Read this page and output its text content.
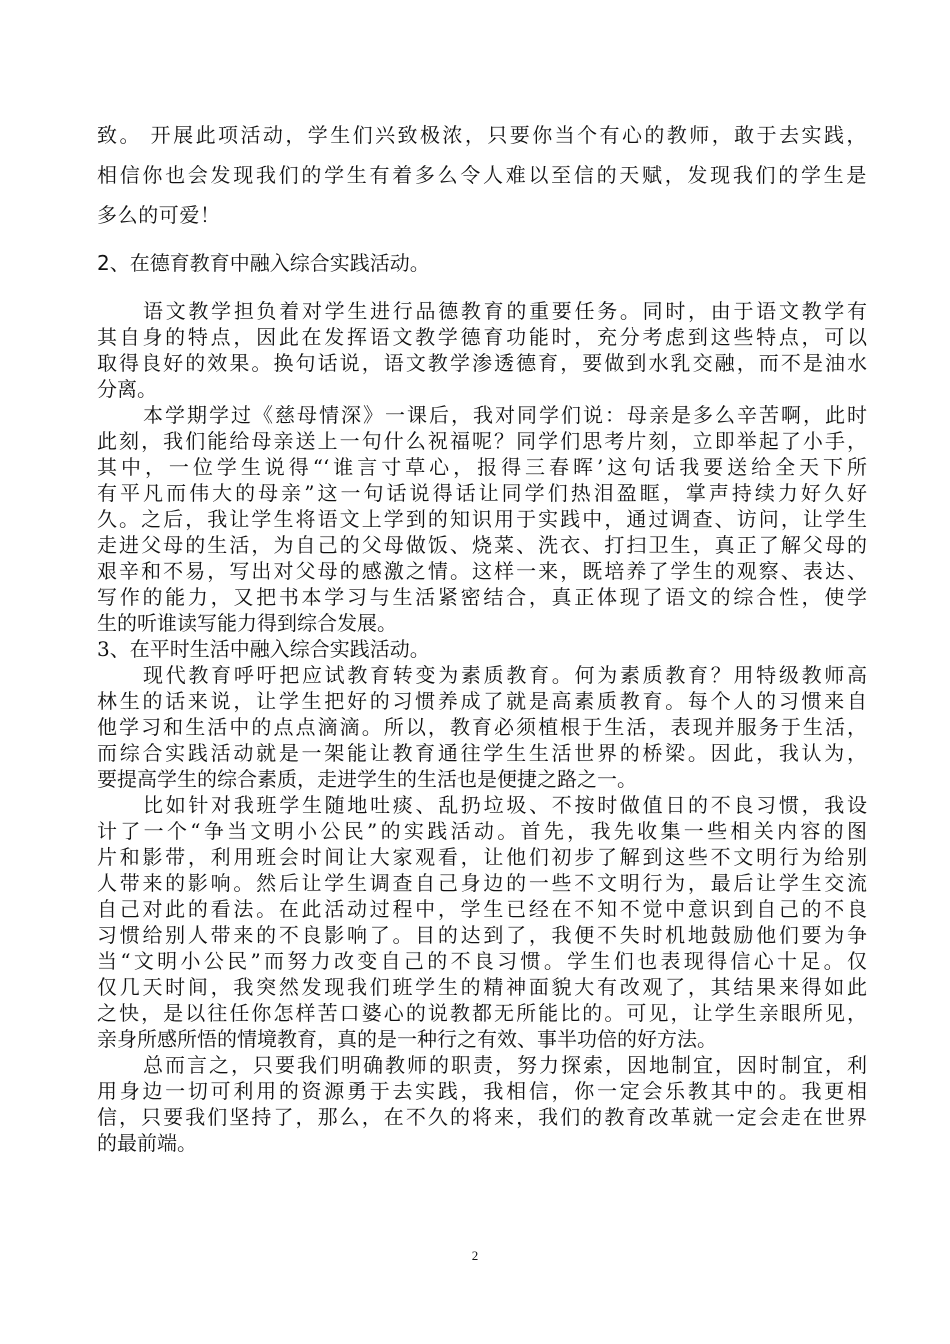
致。 开展此项活动，学生们兴致极浓，只要你当个有心的教师，敢于去实践，
相信你也会发现我们的学生有着多么令人难以至信的天赋，发现我们的学生是
多么的可爱！
2、在德育教育中融入综合实践活动。
语文教学担负着对学生进行品德教育的重要任务。同时，由于语文教学有
其自身的特点，因此在发挥语文教学德育功能时，充分考虑到这些特点，可以
取得良好的效果。换句话说，语文教学渗透德育，要做到水乳交融，而不是油水
分离。
本学期学过《慈母情深》一课后，我对同学们说：母亲是多么辛苦啊，此时
此刻，我们能给母亲送上一句什么祝福呢？同学们思考片刻，立即举起了小手，
其中，一位学生说得“‘谁言寸草心，报得三春晖’这句话我要送给全天下所
有平凡而伟大的母亲”这一句话说得话让同学们热泪盈眶，掌声持续力好久好
久。之后，我让学生将语文上学到的知识用于实践中，通过调查、访问，让学生
走进父母的生活，为自己的父母做饭、烧菜、洗衣、打扫卫生，真正了解父母的
艰辛和不易，写出对父母的感激之情。这样一来，既培养了学生的观察、表达、
写作的能力，又把书本学习与生活紧密结合，真正体现了语文的综合性，使学
生的听谁读写能力得到综合发展。
3、在平时生活中融入综合实践活动。
现代教育呼吁把应试教育转变为素质教育。何为素质教育？用特级教师高
林生的话来说，让学生把好的习惯养成了就是高素质教育。每个人的习惯来自
他学习和生活中的点点滴滴。所以，教育必须植根于生活，表现并服务于生活，
而综合实践活动就是一架能让教育通往学生生活世界的桥梁。因此，我认为，
要提高学生的综合素质，走进学生的生活也是便捷之路之一。
比如针对我班学生随地吐痰、乱扔垃圾、不按时做值日的不良习惯，我设
计了一个“争当文明小公民”的实践活动。首先，我先收集一些相关内容的图
片和影带，利用班会时间让大家观看，让他们初步了解到这些不文明行为给别
人带来的影响。然后让学生调查自己身边的一些不文明行为，最后让学生交流
自己对此的看法。在此活动过程中，学生已经在不知不觉中意识到自己的不良
习惯给别人带来的不良影响了。目的达到了，我便不失时机地鼓励他们要为争
当“文明小公民”而努力改变自己的不良习惯。学生们也表现得信心十足。仅
仅几天时间，我突然发现我们班学生的精神面貌大有改观了，其结果来得如此
之快，是以往任你怎样苦口婆心的说教都无所能比的。可见，让学生亲眼所见，
亲身所感所悟的情境教育，真的是一种行之有效、事半功倍的好方法。
总而言之，只要我们明确教师的职责，努力探索，因地制宜，因时制宜，利
用身边一切可利用的资源勇于去实践，我相信，你一定会乐教其中的。我更相
信，只要我们坚持了，那么，在不久的将来，我们的教育改革就一定会走在世界
的最前端。
2
